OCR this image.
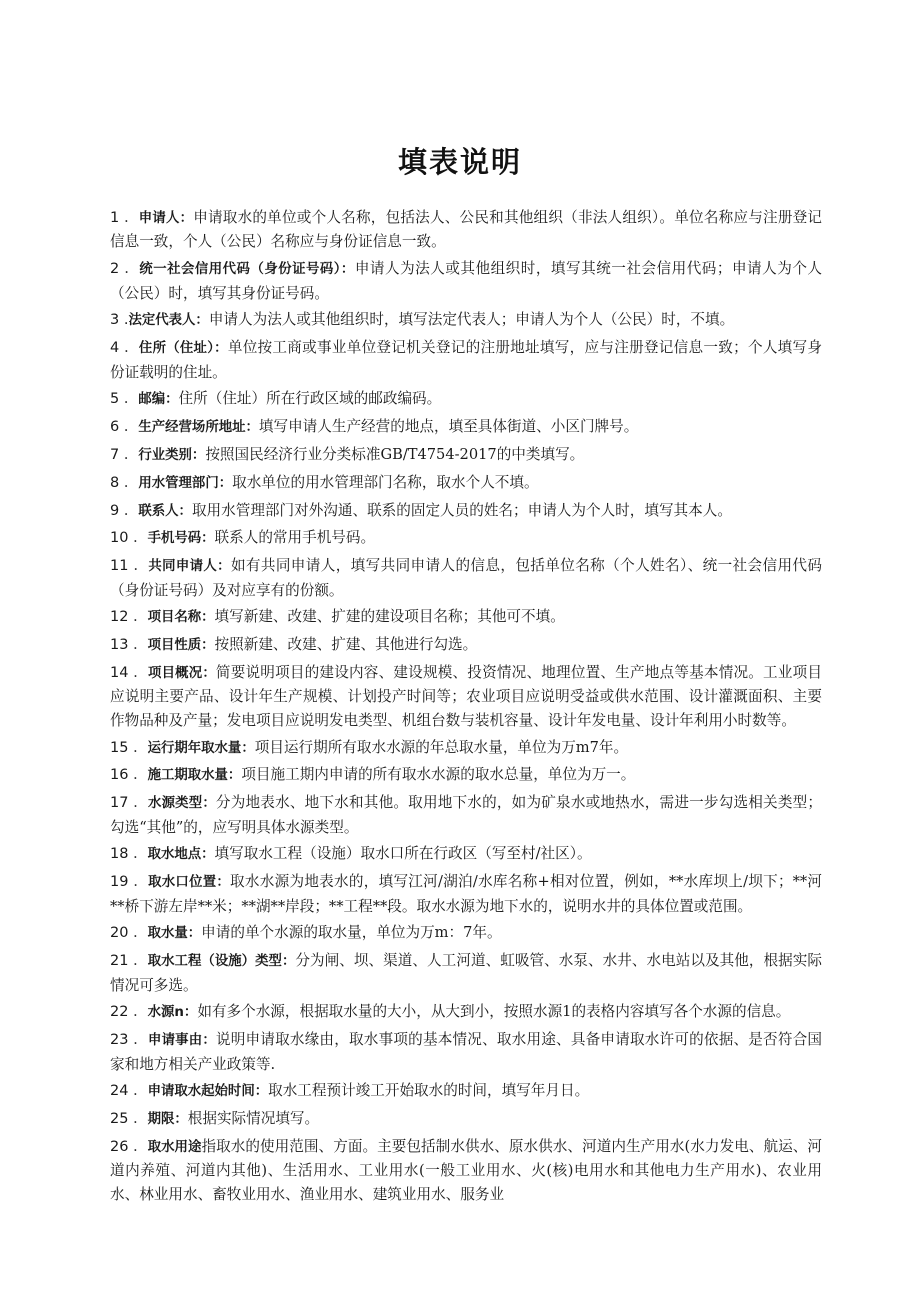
填表说明

1 ．申请人：申请取水的单位或个人名称，包括法人、公民和其他组织（非法人组织）。单位名称应与注册登记信息一致，个人（公民）名称应与身份证信息一致。

2 ．统一社会信用代码（身份证号码）：申请人为法人或其他组织时，填写其统一社会信用代码；申请人为个人（公民）时，填写其身份证号码。

3 .法定代表人：申请人为法人或其他组织时，填写法定代表人；申请人为个人（公民）时，不填。

4 ．住所（住址）：单位按工商或事业单位登记机关登记的注册地址填写，应与注册登记信息一致；个人填写身份证载明的住址。

5 ．邮编：住所（住址）所在行政区域的邮政编码。

6 ．生产经营场所地址：填写申请人生产经营的地点，填至具体街道、小区门牌号。

7 ．行业类别：按照国民经济行业分类标准GB/T4754-2017的中类填写。

8 ．用水管理部门：取水单位的用水管理部门名称，取水个人不填。

9 ．联系人：取用水管理部门对外沟通、联系的固定人员的姓名；申请人为个人时，填写其本人。

10 ．手机号码：联系人的常用手机号码。

11 ．共同申请人：如有共同申请人，填写共同申请人的信息，包括单位名称（个人姓名）、统一社会信用代码（身份证号码）及对应享有的份额。

12 ．项目名称：填写新建、改建、扩建的建设项目名称；其他可不填。

13 ．项目性质：按照新建、改建、扩建、其他进行勾选。

14 ．项目概况：简要说明项目的建设内容、建设规模、投资情况、地理位置、生产地点等基本情况。工业项目应说明主要产品、设计年生产规模、计划投产时间等；农业项目应说明受益或供水范围、设计灌溉面积、主要作物品种及产量；发电项目应说明发电类型、机组台数与装机容量、设计年发电量、设计年利用小时数等。

15 ．运行期年取水量：项目运行期所有取水水源的年总取水量，单位为万m7年。

16 ．施工期取水量：项目施工期内申请的所有取水水源的取水总量，单位为万一。

17 ．水源类型：分为地表水、地下水和其他。取用地下水的，如为矿泉水或地热水，需进一步勾选相关类型；勾选“其他”的，应写明具体水源类型。

18 ．取水地点：填写取水工程（设施）取水口所在行政区（写至村/社区）。

19 ．取水口位置：取水水源为地表水的，填写江河/湖泊/水库名称+相对位置，例如，**水库坝上/坝下；**河**桥下游左岸**米；**湖**岸段；**工程**段。取水水源为地下水的，说明水井的具体位置或范围。

20 ．取水量：申请的单个水源的取水量，单位为万m：7年。

21 ．取水工程（设施）类型：分为闸、坝、渠道、人工河道、虹吸管、水泵、水井、水电站以及其他，根据实际情况可多选。

22 ．水源n：如有多个水源，根据取水量的大小，从大到小，按照水源1的表格内容填写各个水源的信息。

23 ．申请事由：说明申请取水缘由，取水事项的基本情况、取水用途、具备申请取水许可的依据、是否符合国家和地方相关产业政策等.

24 ．申请取水起始时间：取水工程预计竣工开始取水的时间，填写年月日。

25 ．期限：根据实际情况填写。

26 ．取水用途指取水的使用范围、方面。主要包括制水供水、原水供水、河道内生产用水(水力发电、航运、河道内养殖、河道内其他)、生活用水、工业用水(一般工业用水、火(核)电用水和其他电力生产用水)、农业用水、林业用水、畜牧业用水、渔业用水、建筑业用水、服务业
